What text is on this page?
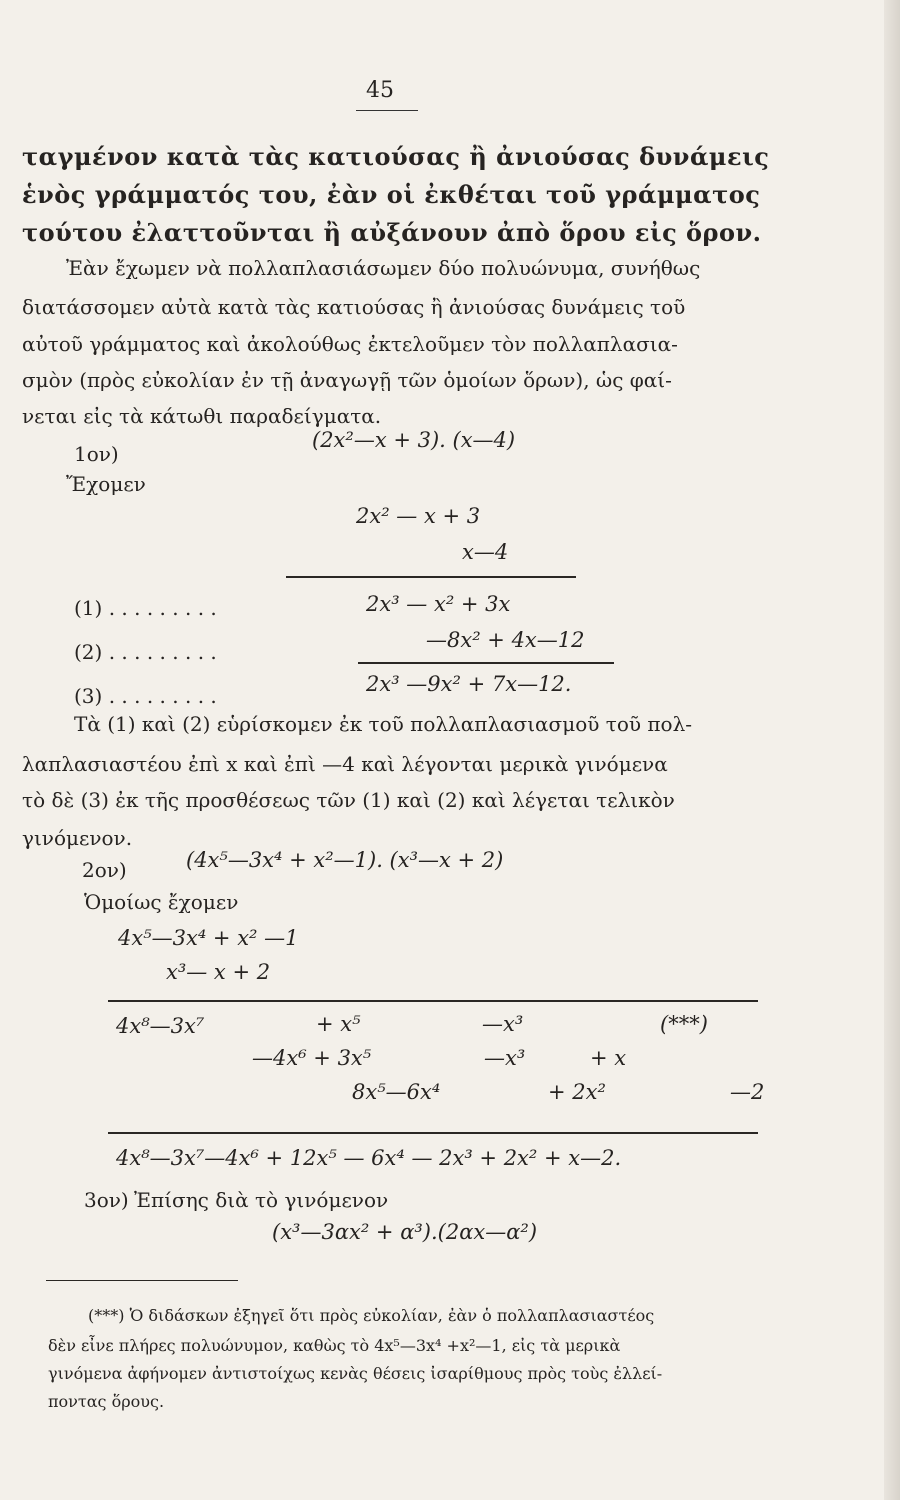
45
ταγμένον κατὰ τὰς κατιούσας ἢ ἀνιούσας δυνάμεις
ἑνὸς γράμματός του, ἐὰν οἱ ἐκθέται τοῦ γράμματος
τούτου ἐλαττοῦνται ἢ αὐξάνουν ἀπὸ ὅρου εἰς ὅρον.
Ἐὰν ἔχωμεν νὰ πολλαπλασιάσωμεν δύο πολυώνυμα, συνήθως
διατάσσομεν αὐτὰ κατὰ τὰς κατιούσας ἢ ἀνιούσας δυνάμεις τοῦ
αὐτοῦ γράμματος καὶ ἀκολούθως ἐκτελοῦμεν τὸν πολλαπλασια-
σμὸν (πρὸς εὐκολίαν ἐν τῇ ἀναγωγῇ τῶν ὁμοίων ὅρων), ὡς φαί-
νεται εἰς τὰ κάτωθι παραδείγματα.
1ον)
(2x²—x + 3). (x—4)
Ἔχομεν
2x² — x + 3
x—4
(1) . . . . . . . . .	2x³ — x² + 3x
(2) . . . . . . . . .	—8x² + 4x—12
(3) . . . . . . . . .	2x³ —9x² + 7x—12.
Τὰ (1) καὶ (2) εὑρίσκομεν ἐκ τοῦ πολλαπλασιασμοῦ τοῦ πολ-
λαπλασιαστέου ἐπὶ x καὶ ἐπὶ —4 καὶ λέγονται μερικὰ γινόμενα
τὸ δὲ (3) ἐκ τῆς προσθέσεως τῶν (1) καὶ (2) καὶ λέγεται τελικὸν
γινόμενον.
2ον)	(4x⁵—3x⁴ + x²—1). (x³—x + 2)
Ὁμοίως ἔχομεν
4x⁵—3x⁴ + x² —1
x³— x + 2
4x⁸—3x⁷	+ x⁵	—x³	(***)
—4x⁶ + 3x⁵	—x³	+ x
8x⁵—6x⁴	+ 2x²	—2
4x⁸—3x⁷—4x⁶ + 12x⁵ — 6x⁴ — 2x³ + 2x² + x—2.
3ον) Ἐπίσης διὰ τὸ γινόμενον
(x³—3αx² + α³).(2αx—α²)
(***) Ὁ διδάσκων ἐξηγεῖ ὅτι πρὸς εὐκολίαν, ἐὰν ὁ πολλαπλασιαστέος
δὲν εἶνε πλήρες πολυώνυμον, καθὼς τὸ 4x⁵—3x⁴ +x²—1, εἰς τὰ μερικὰ
γινόμενα ἀφήνομεν ἀντιστοίχως κενὰς θέσεις ἰσαρίθμους πρὸς τοὺς ἐλλεί-
ποντας ὅρους.
